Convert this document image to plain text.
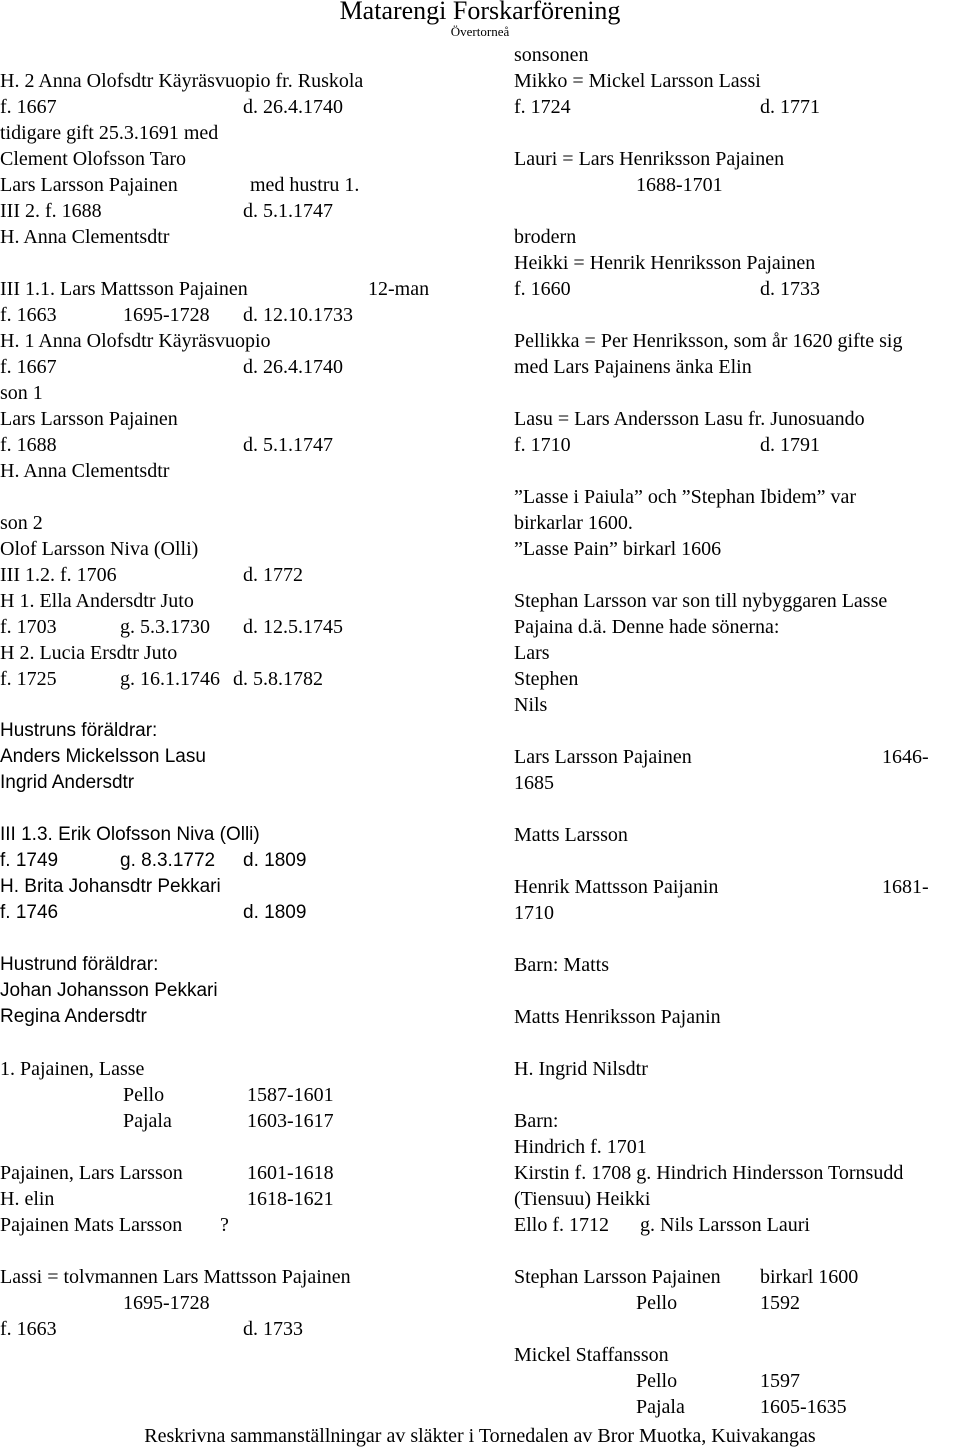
Matarengi Forskarförening
Övertorneå
H. 2 Anna Olofsdtr Käyräsvuopio fr. Ruskola
f. 1667	d. 26.4.1740
tidigare gift 25.3.1691 med
Clement Olofsson Taro
Lars Larsson Pajainen	med hustru 1.
III 2. f. 1688	d. 5.1.1747
H. Anna Clementsdtr
III 1.1. Lars Mattsson Pajainen	12-man
f. 1663	1695-1728 d. 12.10.1733
H. 1 Anna Olofsdtr Käyräsvuopio
f. 1667	d. 26.4.1740
son 1
Lars Larsson Pajainen
f. 1688	d. 5.1.1747
H. Anna Clementsdtr
son 2
Olof Larsson Niva (Olli)
III 1.2. f. 1706	d. 1772
H 1. Ella Andersdtr Juto
f. 1703	g. 5.3.1730 d. 12.5.1745
H 2. Lucia Ersdtr Juto
f. 1725	g. 16.1.1746 d. 5.8.1782
Hustruns föräldrar:
Anders Mickelsson Lasu
Ingrid Andersdtr
III 1.3. Erik Olofsson Niva (Olli)
f. 1749	g. 8.3.1772 d. 1809
H. Brita Johansdtr Pekkari
f. 1746	d. 1809
Hustrund föräldrar:
Johan Johansson Pekkari
Regina Andersdtr
1. Pajainen, Lasse
Pello	1587-1601
Pajala	1603-1617
Pajainen, Lars Larsson	1601-1618
H. elin	1618-1621
Pajainen Mats Larsson ?
Lassi = tolvmannen Lars Mattsson Pajainen
1695-1728
f. 1663	d. 1733
sonsonen
Mikko = Mickel Larsson Lassi
f. 1724	d. 1771
Lauri = Lars Henriksson Pajainen
1688-1701
brodern
Heikki = Henrik Henriksson Pajainen
f. 1660	d. 1733
Pellikka = Per Henriksson, som år 1620 gifte sig
med Lars Pajainens änka Elin
Lasu = Lars Andersson Lasu fr. Junosuando
f. 1710	d. 1791
”Lasse i Paiula” och ”Stephan Ibidem” var
birkarlar 1600.
”Lasse Pain” birkarl 1606
Stephan Larsson var son till nybyggaren Lasse
Pajaina d.ä. Denne hade sönerna:
Lars
Stephen
Nils
Lars Larsson Pajainen	1646-
1685
Matts Larsson
Henrik Mattsson Paijanin	1681-
1710
Barn: Matts
Matts Henriksson Pajanin
H. Ingrid Nilsdtr
Barn:
Hindrich f. 1701
Kirstin f. 1708 g. Hindrich Hindersson Tornsudd
(Tiensuu) Heikki
Ello f. 1712 g. Nils Larsson Lauri
Stephan Larsson Pajainen birkarl 1600
Pello	1592
Mickel Staffansson
Pello	1597
Pajala	1605-1635
Reskrivna sammanställningar av släkter i Tornedalen av Bror Muotka, Kuivakangas
